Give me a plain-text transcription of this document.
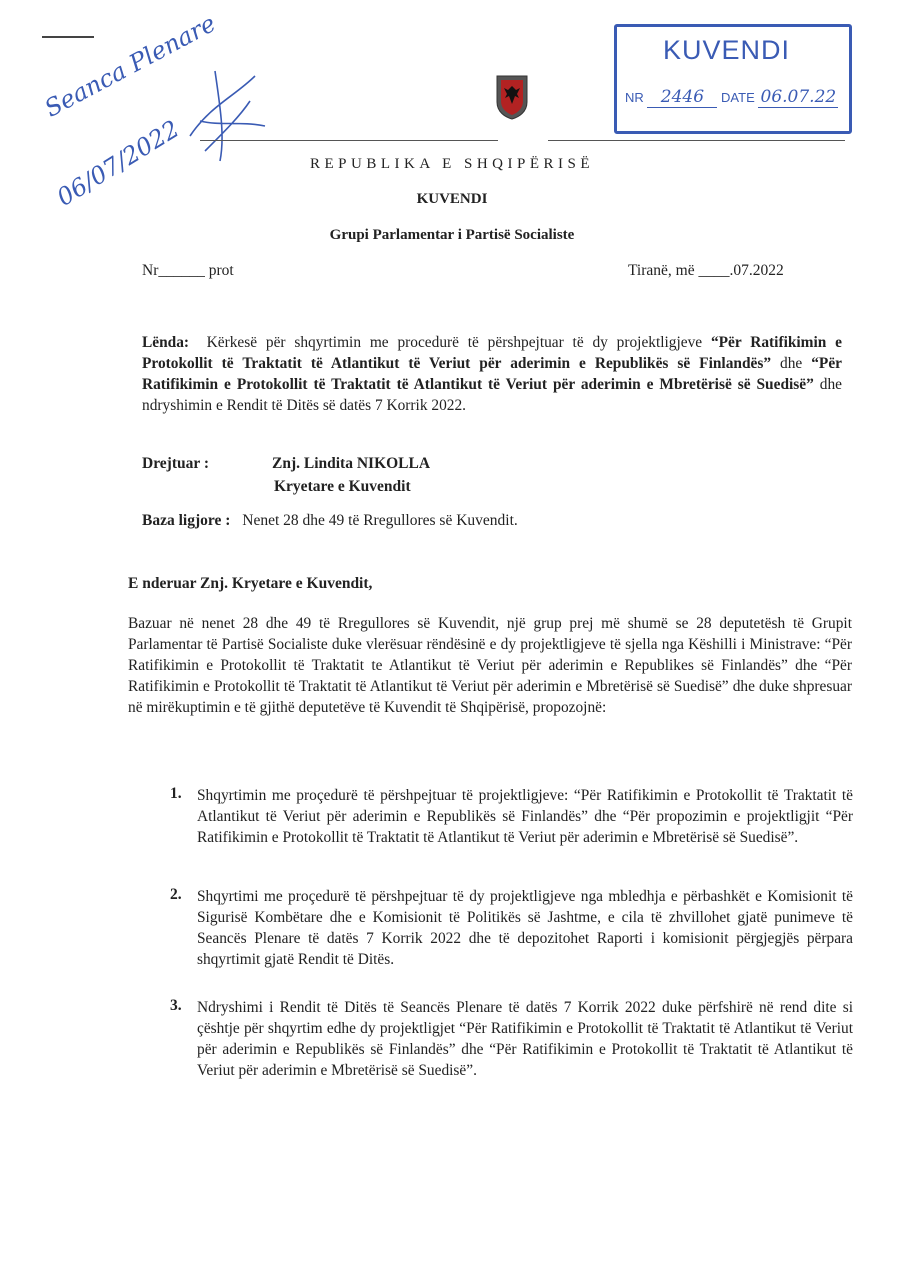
Seanca Plenare
06/07/2022
KUVENDI
NR 2446 DATE 06.07.22
REPUBLIKA E SHQIPËRISË
KUVENDI
Grupi Parlamentar i Partisë Socialiste
Nr______ prot	Tiranë, më ____.07.2022
Lënda: Kërkesë për shqyrtimin me procedurë të përshpejtuar të dy projektligjeve “Për Ratifikimin e Protokollit të Traktatit të Atlantikut të Veriut për aderimin e Republikës së Finlandës” dhe “Për Ratifikimin e Protokollit të Traktatit të Atlantikut të Veriut për aderimin e Mbretërisë së Suedisë” dhe ndryshimin e Rendit të Ditës së datës 7 Korrik 2022.
Drejtuar :	Znj. Lindita NIKOLLA
Kryetare e Kuvendit
Baza ligjore : Nenet 28 dhe 49 të Rregullores së Kuvendit.
E nderuar Znj. Kryetare e Kuvendit,
Bazuar në nenet 28 dhe 49 të Rregullores së Kuvendit, një grup prej më shumë se 28 deputetësh të Grupit Parlamentar të Partisë Socialiste duke vlerësuar rëndësinë e dy projektligjeve të sjella nga Këshilli i Ministrave: “Për Ratifikimin e Protokollit të Traktatit te Atlantikut të Veriut për aderimin e Republikes së Finlandës” dhe “Për Ratifikimin e Protokollit të Traktatit të Atlantikut të Veriut për aderimin e Mbretërisë së Suedisë” dhe duke shpresuar në mirëkuptimin e të gjithë deputetëve të Kuvendit të Shqipërisë, propozojnë:
1. Shqyrtimin me proçedurë të përshpejtuar të projektligjeve: “Për Ratifikimin e Protokollit të Traktatit të Atlantikut të Veriut për aderimin e Republikës së Finlandës” dhe “Për propozimin e projektligjit “Për Ratifikimin e Protokollit të Traktatit të Atlantikut të Veriut për aderimin e Mbretërisë së Suedisë”.
2. Shqyrtimi me proçedurë të përshpejtuar të dy projektligjeve nga mbledhja e përbashkët e Komisionit të Sigurisë Kombëtare dhe e Komisionit të Politikës së Jashtme, e cila të zhvillohet gjatë punimeve të Seancës Plenare të datës 7 Korrik 2022 dhe të depozitohet Raporti i komisionit përgjegjës përpara shqyrtimit gjatë Rendit të Ditës.
3. Ndryshimi i Rendit të Ditës të Seancës Plenare të datës 7 Korrik 2022 duke përfshirë në rend dite si çështje për shqyrtim edhe dy projektligjet “Për Ratifikimin e Protokollit të Traktatit të Atlantikut të Veriut për aderimin e Republikës së Finlandës” dhe “Për Ratifikimin e Protokollit të Traktatit të Atlantikut të Veriut për aderimin e Mbretërisë së Suedisë”.
